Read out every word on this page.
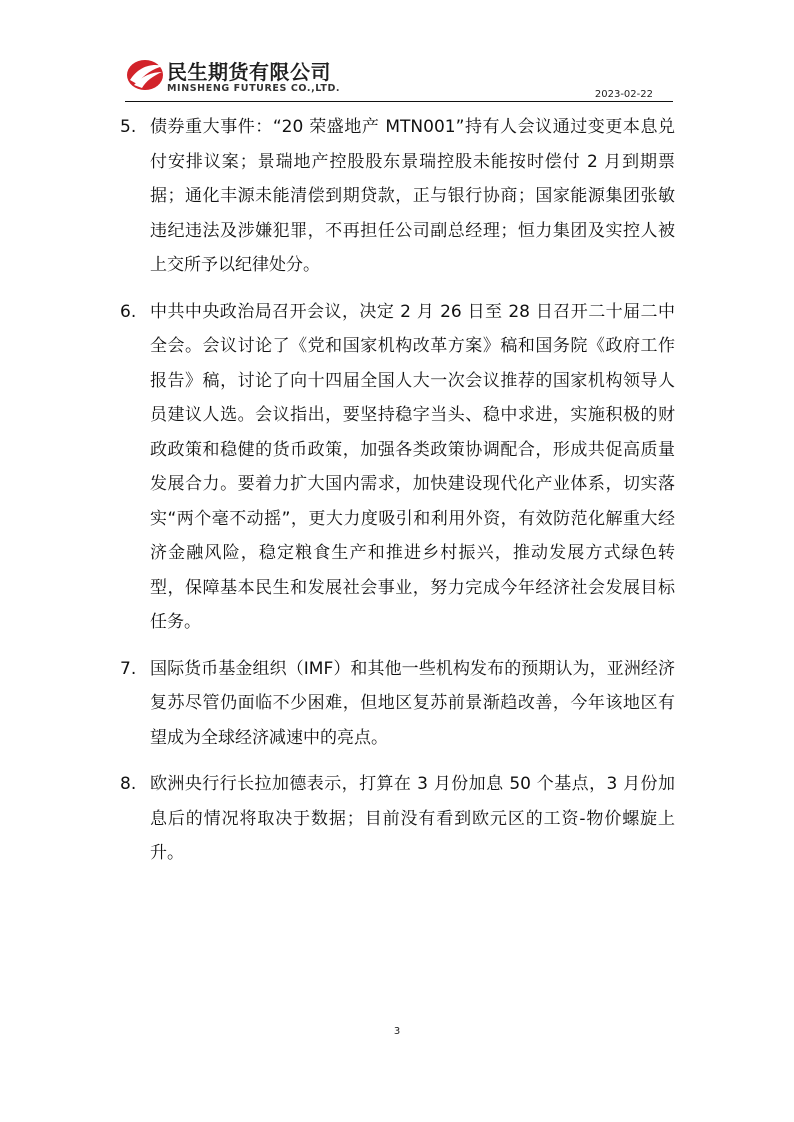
民生期货有限公司
MINSHENG FUTURES CO.,LTD.
2023-02-22
5. 债券重大事件：“20 荣盛地产 MTN001”持有人会议通过变更本息兑付安排议案；景瑞地产控股股东景瑞控股未能按时偿付 2 月到期票据；通化丰源未能清偿到期贷款，正与银行协商；国家能源集团张敏违纪违法及涉嫌犯罪，不再担任公司副总经理；恒力集团及实控人被上交所予以纪律处分。
6. 中共中央政治局召开会议，决定 2 月 26 日至 28 日召开二十届二中全会。会议讨论了《党和国家机构改革方案》稿和国务院《政府工作报告》稿，讨论了向十四届全国人大一次会议推荐的国家机构领导人员建议人选。会议指出，要坚持稳字当头、稳中求进，实施积极的财政政策和稳健的货币政策，加强各类政策协调配合，形成共促高质量发展合力。要着力扩大国内需求，加快建设现代化产业体系，切实落实“两个毫不动摇”，更大力度吸引和利用外资，有效防范化解重大经济金融风险，稳定粮食生产和推进乡村振兴，推动发展方式绿色转型，保障基本民生和发展社会事业，努力完成今年经济社会发展目标任务。
7. 国际货币基金组织（IMF）和其他一些机构发布的预期认为，亚洲经济复苏尽管仍面临不少困难，但地区复苏前景渐趋改善，今年该地区有望成为全球经济减速中的亮点。
8. 欧洲央行行长拉加德表示，打算在 3 月份加息 50 个基点，3 月份加息后的情况将取决于数据；目前没有看到欧元区的工资-物价螺旋上升。
3
